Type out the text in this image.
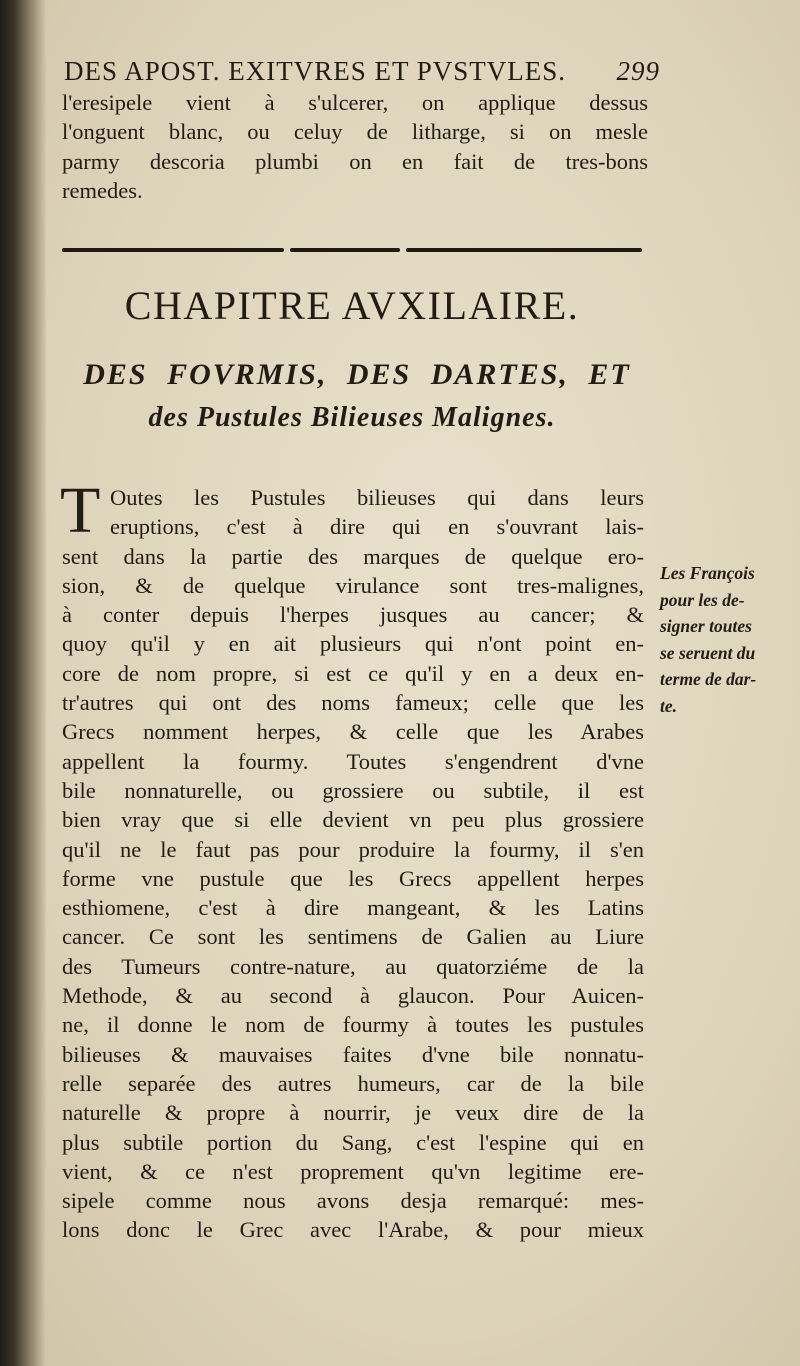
DES APOST. EXITVRES ET PVSTVLES. 299
l'eresipele vient à s'ulcerer, on applique dessus
l'onguent blanc, ou celuy de litharge, si on mesle
parmy descoria plumbi on en fait de tres-bons
remedes.
CHAPITRE AVXILAIRE.
DES FOVRMIS, DES DARTES, ET
des Pustules Bilieuses Malignes.
T Outes les Pustules bilieuses qui dans leurs
eruptions, c'est à dire qui en s'ouvrant lais-
sent dans la partie des marques de quelque ero-
sion, & de quelque virulance sont tres-malignes,
à conter depuis l'herpes jusques au cancer; &
quoy qu'il y en ait plusieurs qui n'ont point en-
core de nom propre, si est ce qu'il y en a deux en-
tr'autres qui ont des noms fameux; celle que les
Grecs nomment herpes, & celle que les Arabes
appellent la fourmy. Toutes s'engendrent d'vne
bile nonnaturelle, ou grossiere ou subtile, il est
bien vray que si elle devient vn peu plus grossiere
qu'il ne le faut pas pour produire la fourmy, il s'en
forme vne pustule que les Grecs appellent herpes
esthiomene, c'est à dire mangeant, & les Latins
cancer. Ce sont les sentimens de Galien au Liure
des Tumeurs contre-nature, au quatorziéme de la
Methode, & au second à glaucon. Pour Auicen-
ne, il donne le nom de fourmy à toutes les pustules
bilieuses & mauvaises faites d'vne bile nonnatu-
relle separée des autres humeurs, car de la bile
naturelle & propre à nourrir, je veux dire de la
plus subtile portion du Sang, c'est l'espine qui en
vient, & ce n'est proprement qu'vn legitime ere-
sipele comme nous avons desja remarqué: mes-
lons donc le Grec avec l'Arabe, & pour mieux
Les François
pour les de-
signer toutes
se seruent du
terme de dar-
te.
